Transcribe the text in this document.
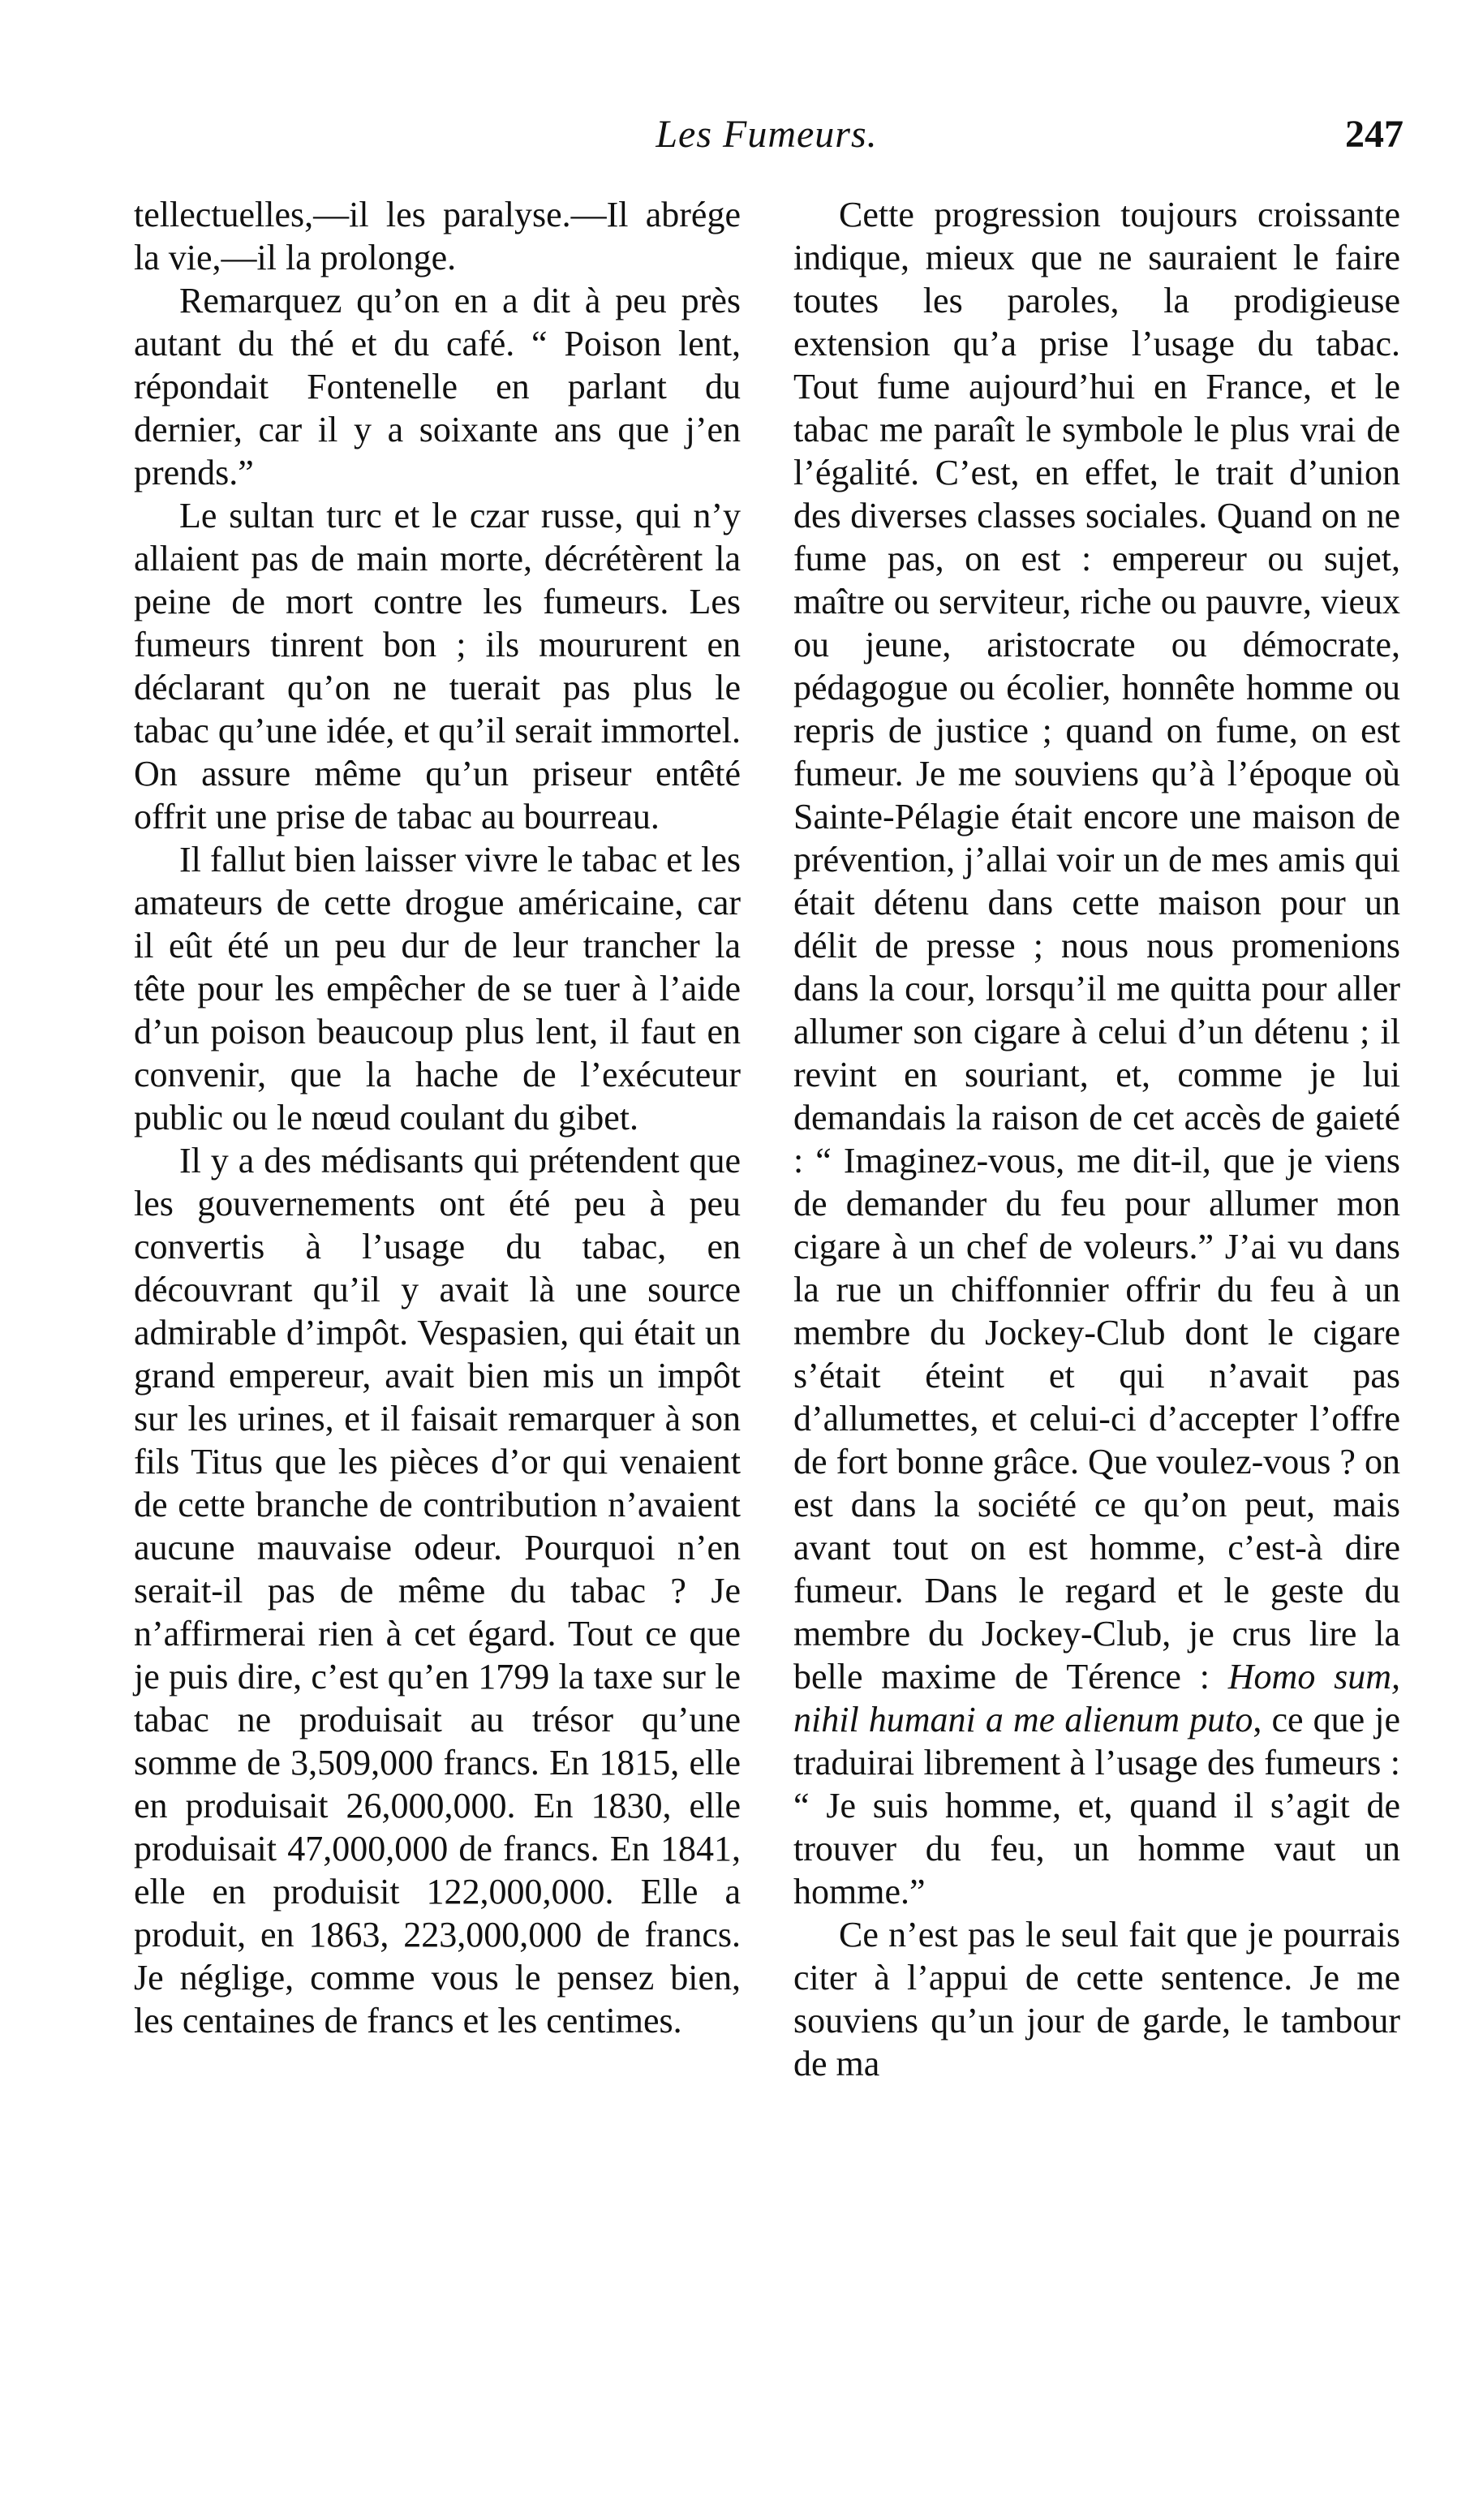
Les Fumeurs.	247

tellectuelles,—il les paralyse.—Il abrége la vie,—il la prolonge.

Remarquez qu’on en a dit à peu près autant du thé et du café. “ Poison lent, répondait Fontenelle en parlant du dernier, car il y a soixante ans que j’en prends.”

Le sultan turc et le czar russe, qui n’y allaient pas de main morte, décrétèrent la peine de mort contre les fumeurs. Les fumeurs tinrent bon ; ils moururent en déclarant qu’on ne tuerait pas plus le tabac qu’une idée, et qu’il serait immortel. On assure même qu’un priseur entêté offrit une prise de tabac au bourreau.

Il fallut bien laisser vivre le tabac et les amateurs de cette drogue américaine, car il eût été un peu dur de leur trancher la tête pour les empêcher de se tuer à l’aide d’un poison beaucoup plus lent, il faut en convenir, que la hache de l’exécuteur public ou le nœud coulant du gibet.

Il y a des médisants qui prétendent que les gouvernements ont été peu à peu convertis à l’usage du tabac, en découvrant qu’il y avait là une source admirable d’impôt. Vespasien, qui était un grand empereur, avait bien mis un impôt sur les urines, et il faisait remarquer à son fils Titus que les pièces d’or qui venaient de cette branche de contribution n’avaient aucune mauvaise odeur. Pourquoi n’en serait-il pas de même du tabac ? Je n’affirmerai rien à cet égard. Tout ce que je puis dire, c’est qu’en 1799 la taxe sur le tabac ne produisait au trésor qu’une somme de 3,509,000 francs. En 1815, elle en produisait 26,000,000. En 1830, elle produisait 47,000,000 de francs. En 1841, elle en produisit 122,000,000. Elle a produit, en 1863, 223,000,000 de francs. Je néglige, comme vous le pensez bien, les centaines de francs et les centimes.

Cette progression toujours croissante indique, mieux que ne sauraient le faire toutes les paroles, la prodigieuse extension qu’a prise l’usage du tabac. Tout fume aujourd’hui en France, et le tabac me paraît le symbole le plus vrai de l’égalité. C’est, en effet, le trait d’union des diverses classes sociales. Quand on ne fume pas, on est : empereur ou sujet, maître ou serviteur, riche ou pauvre, vieux ou jeune, aristocrate ou démocrate, pédagogue ou écolier, honnête homme ou repris de justice ; quand on fume, on est fumeur. Je me souviens qu’à l’époque où Sainte-Pélagie était encore une maison de prévention, j’allai voir un de mes amis qui était détenu dans cette maison pour un délit de presse ; nous nous promenions dans la cour, lorsqu’il me quitta pour aller allumer son cigare à celui d’un détenu ; il revint en souriant, et, comme je lui demandais la raison de cet accès de gaieté : “ Imaginez-vous, me dit-il, que je viens de demander du feu pour allumer mon cigare à un chef de voleurs.” J’ai vu dans la rue un chiffonnier offrir du feu à un membre du Jockey-Club dont le cigare s’était éteint et qui n’avait pas d’allumettes, et celui-ci d’accepter l’offre de fort bonne grâce. Que voulez-vous ? on est dans la société ce qu’on peut, mais avant tout on est homme, c’est-à dire fumeur. Dans le regard et le geste du membre du Jockey-Club, je crus lire la belle maxime de Térence : Homo sum, nihil humani a me alienum puto, ce que je traduirai librement à l’usage des fumeurs : “ Je suis homme, et, quand il s’agit de trouver du feu, un homme vaut un homme.”

Ce n’est pas le seul fait que je pourrais citer à l’appui de cette sentence. Je me souviens qu’un jour de garde, le tambour de ma
